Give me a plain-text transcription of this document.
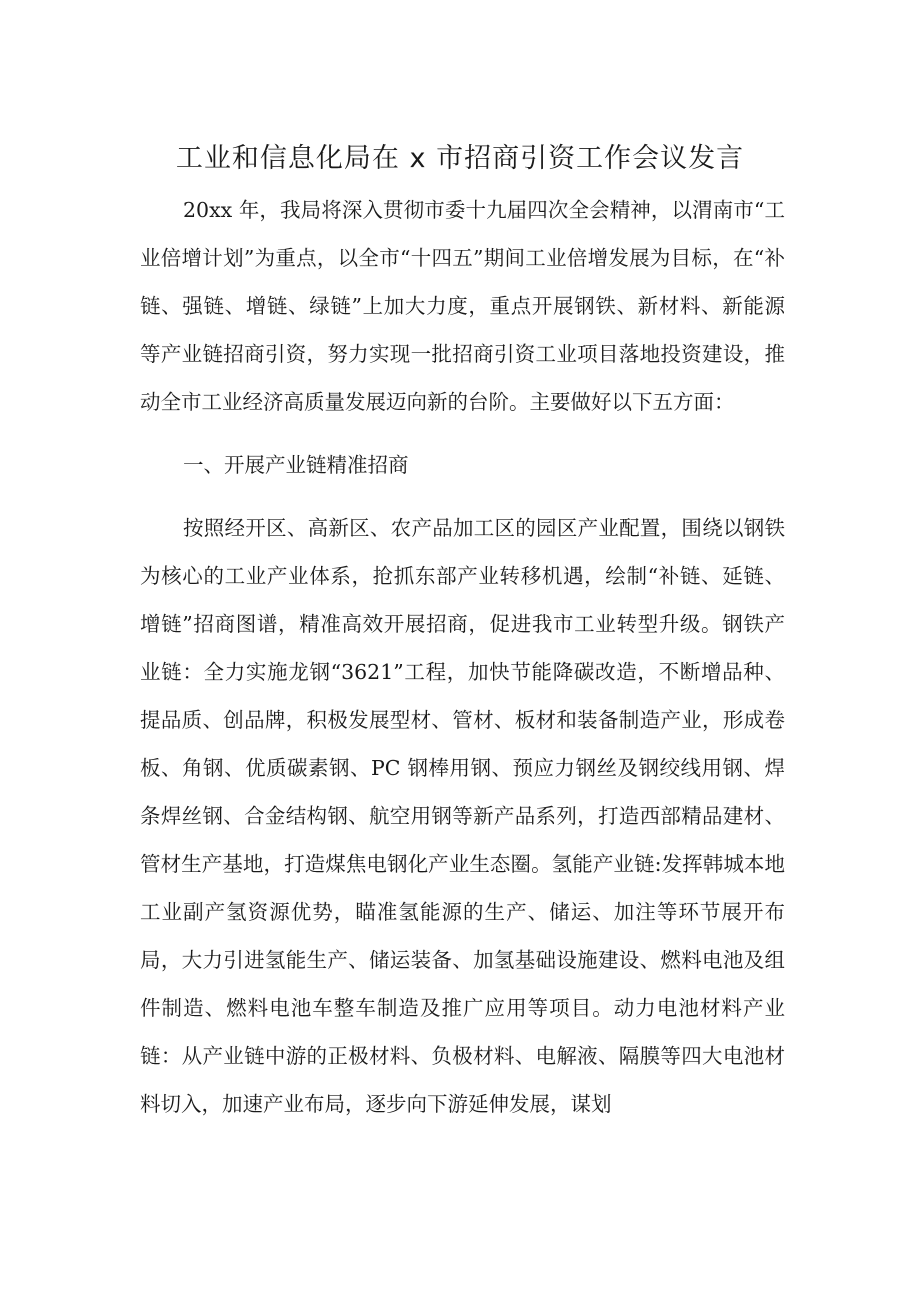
工业和信息化局在 x 市招商引资工作会议发言

20xx 年，我局将深入贯彻市委十九届四次全会精神，以渭南市“工业倍增计划”为重点，以全市“十四五”期间工业倍增发展为目标，在“补链、强链、增链、绿链”上加大力度，重点开展钢铁、新材料、新能源等产业链招商引资，努力实现一批招商引资工业项目落地投资建设，推动全市工业经济高质量发展迈向新的台阶。主要做好以下五方面：

一、开展产业链精准招商

按照经开区、高新区、农产品加工区的园区产业配置，围绕以钢铁为核心的工业产业体系，抢抓东部产业转移机遇，绘制“补链、延链、增链”招商图谱，精准高效开展招商，促进我市工业转型升级。钢铁产业链：全力实施龙钢“3621”工程，加快节能降碳改造，不断增品种、提品质、创品牌，积极发展型材、管材、板材和装备制造产业，形成卷板、角钢、优质碳素钢、PC 钢棒用钢、预应力钢丝及钢绞线用钢、焊条焊丝钢、合金结构钢、航空用钢等新产品系列，打造西部精品建材、管材生产基地，打造煤焦电钢化产业生态圈。氢能产业链:发挥韩城本地工业副产氢资源优势，瞄准氢能源的生产、储运、加注等环节展开布局，大力引进氢能生产、储运装备、加氢基础设施建设、燃料电池及组件制造、燃料电池车整车制造及推广应用等项目。动力电池材料产业链：从产业链中游的正极材料、负极材料、电解液、隔膜等四大电池材料切入，加速产业布局，逐步向下游延伸发展，谋划
